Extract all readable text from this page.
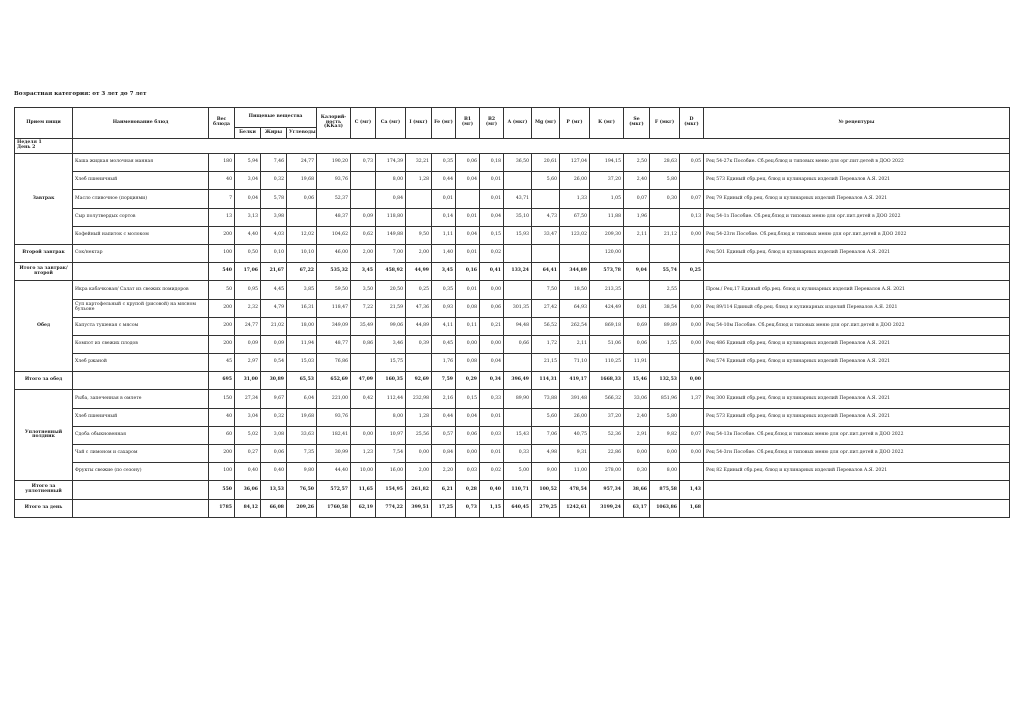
Возрастная категория: от 3 лет до 7 лет
Прием пищи	Наименование блюд	Вес блюда	Пищевые вещества			Калорий-ность (ККал)	C (мг)	Ca (мг)	I (мкг)	Fe (мг)	B1 (мг)	B2 (мг)	A (мкг)	Mg (мг)	P (мг)	K (мг)	Se (мкг)	F (мкг)	D (мкг)	№ рецептуры
			Белки	Жиры	Углеводы															

Неделя 1
День 2																				

Завтрак	Каша жидкая молочная манная	180	5,94	7,46	24,77	190,20	0,73	174,39	32,21	0,35	0,06	0,18	36,50	20,61	127,04	194,15	2,50	28,63	0,05	Рец 54-27к Пособие. Сб.рец.блюд и типовых меню для орг.пит.детей в ДОО 2022
	Хлеб пшеничный	40	3,04	0,32	19,68	93,76		8,00	1,28	0,44	0,04	0,01		5,60	26,00	37,20	2,40	5,80		Рец 573 Единый сбр.рец. блюд и кулинарных изделий Перевалов А.Я. 2021
	Масло сливочное (порциями)	7	0,04	5,78	0,06	52,37		0,84		0,01		0,01	43,71		1,33	1,05	0,07	0,30	0,07	Рец 79 Единый сбр.рец. блюд и кулинарных изделий Перевалов А.Я. 2021
	Сыр полутвердых сортов	13	3,13	3,98		48,37	0,09	118,80		0,14	0,01	0,04	35,10	4,73	67,50	11,88	1,96		0,13	Рец 54-1з Пособие. Сб.рец.блюд и типовых меню для орг.пит.детей в ДОО 2022
	Кофейный напиток с молоком	200	4,40	4,03	12,02	104,62	0,62	149,88	9,50	1,11	0,04	0,15	15,93	33,47	123,02	209,30	2,11	21,12	0,00	Рец 54-23гн Пособие. Сб.рец.блюд и типовых меню для орг.пит.детей в ДОО 2022
Второй завтрак	Сок/нектар	100	0,50	0,10	10,10	46,00	2,00	7,00	2,00	1,40	0,01	0,02				120,00				Рец 501 Единый сбр.рец. блюд и кулинарных изделий Перевалов А.Я. 2021
Итого за завтрак/второй		540	17,06	21,67	67,22	535,32	3,45	458,92	44,99	3,45	0,16	0,41	133,24	64,41	344,89	573,78	9,04	55,74	0,25	
Обед	Икра кабачковая/ Салат из свежих помидоров	50	0,95	4,45	3,85	59,50	3,50	20,50	0,25	0,35	0,01	0,00		7,50	18,50	213,35		2,55		Пром./ Рец.17 Единый сбр.рец. блюд и кулинарных изделий Перевалов А.Я. 2021
	Суп картофельный с крупой (рисовой) на мясном бульоне	200	2,32	4,79	16,31	118,47	7,22	21,59	47,36	0,93	0,08	0,06	301,35	27,42	64,93	424,49	0,81	38,54	0,00	Рец 89/114 Единый сбр.рец. блюд и кулинарных изделий Перевалов А.Я. 2021
	Капуста тушеная с мясом	200	24,77	21,02	18,00	349,09	35,49	99,06	44,89	4,11	0,11	0,21	94,48	56,52	262,54	869,18	0,69	89,89	0,00	Рец 54-10м Пособие. Сб.рец.блюд и типовых меню для орг.пит.детей в ДОО 2022
	Компот из свежих плодов	200	0,09	0,09	11,94	48,77	0,86	3,46	0,39	0,45	0,00	0,00	0,66	1,72	2,11	51,06	0,06	1,55	0,00	Рец 486 Единый сбр.рец. блюд и кулинарных изделий Перевалов А.Я. 2021
	Хлеб ржаной	45	2,97	0,54	15,03	76,86		15,75		1,76	0,08	0,04		21,15	71,10	110,25	11,91			Рец 574 Единый сбр.рец. блюд и кулинарных изделий Перевалов А.Я. 2021
Итого за обед		695	31,00	30,89	65,53	652,69	47,09	160,35	92,69	7,59	0,29	0,34	396,49	114,31	419,17	1668,33	15,46	132,53	0,00	
Уплотненный полдник	Рыба, запеченная в омлете	150	27,34	9,67	6,04	221,00	0,42	112,44	232,98	2,16	0,15	0,33	89,90	73,88	391,48	566,32	33,06	851,96	1,37	Рец 300 Единый сбр.рец. блюд и кулинарных изделий Перевалов А.Я. 2021
	Хлеб пшеничный	40	3,04	0,32	19,68	93,76		8,00	1,28	0,44	0,04	0,01		5,60	26,00	37,20	2,40	5,80		Рец 573 Единый сбр.рец. блюд и кулинарных изделий Перевалов А.Я. 2021
	Сдоба обыкновенная	60	5,02	3,08	33,63	182,41	0,00	10,97	25,56	0,57	0,06	0,03	15,43	7,06	40,75	52,36	2,91	9,82	0,07	Рец 54-13в Пособие. Сб.рец.блюд и типовых меню для орг.пит.детей в ДОО 2022
	Чай с лимоном и сахаром	200	0,27	0,06	7,35	30,99	1,23	7,54	0,00	0,84	0,00	0,01	0,33	4,98	9,31	22,86	0,00	0,00	0,00	Рец 54-3гн Пособие. Сб.рец.блюд и типовых меню для орг.пит.детей в ДОО 2022
	Фрукты свежие (по сезону)	100	0,40	0,40	9,80	44,40	10,00	16,00	2,00	2,20	0,03	0,02	5,00	9,00	11,00	278,00	0,30	8,00		Рец 82 Единый сбр.рец. блюд и кулинарных изделий Перевалов А.Я. 2021
Итого за уплотненный		550	36,06	13,53	76,50	572,57	11,65	154,95	261,82	6,21	0,28	0,40	110,71	100,52	478,54	957,34	38,66	875,58	1,43	
Итого за день		1785	84,12	66,08	209,26	1760,58	62,19	774,22	399,51	17,25	0,73	1,15	640,45	279,25	1242,61	3199,24	63,17	1063,86	1,68	
